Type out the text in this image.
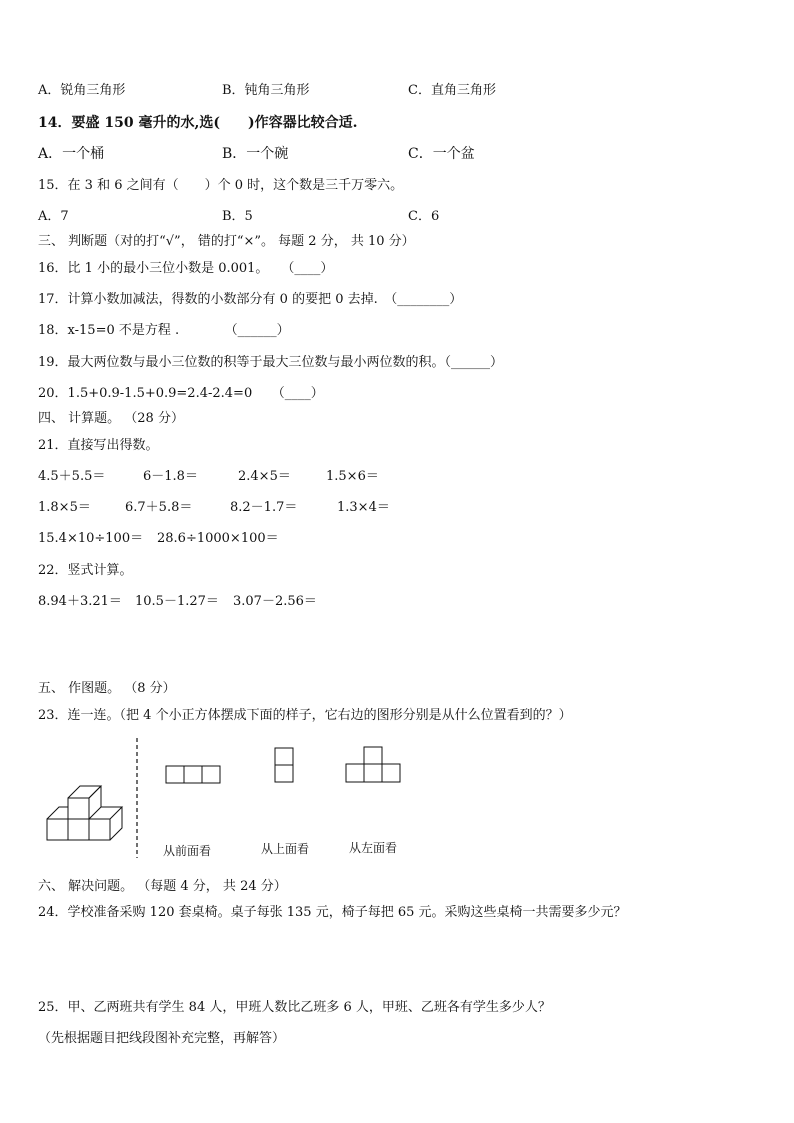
A．锐角三角形	B．钝角三角形	C．直角三角形
14．要盛 150 毫升的水,选(　　)作容器比较合适.
A．一个桶	B．一个碗	C．一个盆
15．在 3 和 6 之间有（　　）个 0 时，这个数是三千万零六。
A．7	B．5	C．6
三、 判断题（对的打“√”， 错的打“×”。 每题 2 分， 共 10 分）
16．比 1 小的最小三位小数是 0.001。　　（____）
17．计算小数加减法，得数的小数部分有 0 的要把 0 去掉.　（________）
18．x-15=0 不是方程 .　　　　（______）
19．最大两位数与最小三位数的积等于最大三位数与最小两位数的积。（______）
20．1.5+0.9-1.5+0.9=2.4-2.4=0　　（____）
四、 计算题。 （28 分）
21．直接写出得数。
4.5＋5.5＝	6－1.8＝	2.4×5＝	1.5×6＝
1.8×5＝	6.7＋5.8＝	8.2－1.7＝	1.3×4＝
15.4×10÷100＝ 28.6÷1000×100＝
22．竖式计算。
8.94＋3.21＝ 10.5－1.27＝ 3.07－2.56＝
五、 作图题。 （8 分）
23．连一连。（把 4 个小正方体摆成下面的样子，它右边的图形分别是从什么位置看到的？）
从前面看	从上面看	从左面看
六、 解决问题。 （每题 4 分， 共 24 分）
24．学校准备采购 120 套桌椅。桌子每张 135 元，椅子每把 65 元。采购这些桌椅一共需要多少元？
25．甲、乙两班共有学生 84 人，甲班人数比乙班多 6 人，甲班、乙班各有学生多少人？
（先根据题目把线段图补充完整，再解答）
